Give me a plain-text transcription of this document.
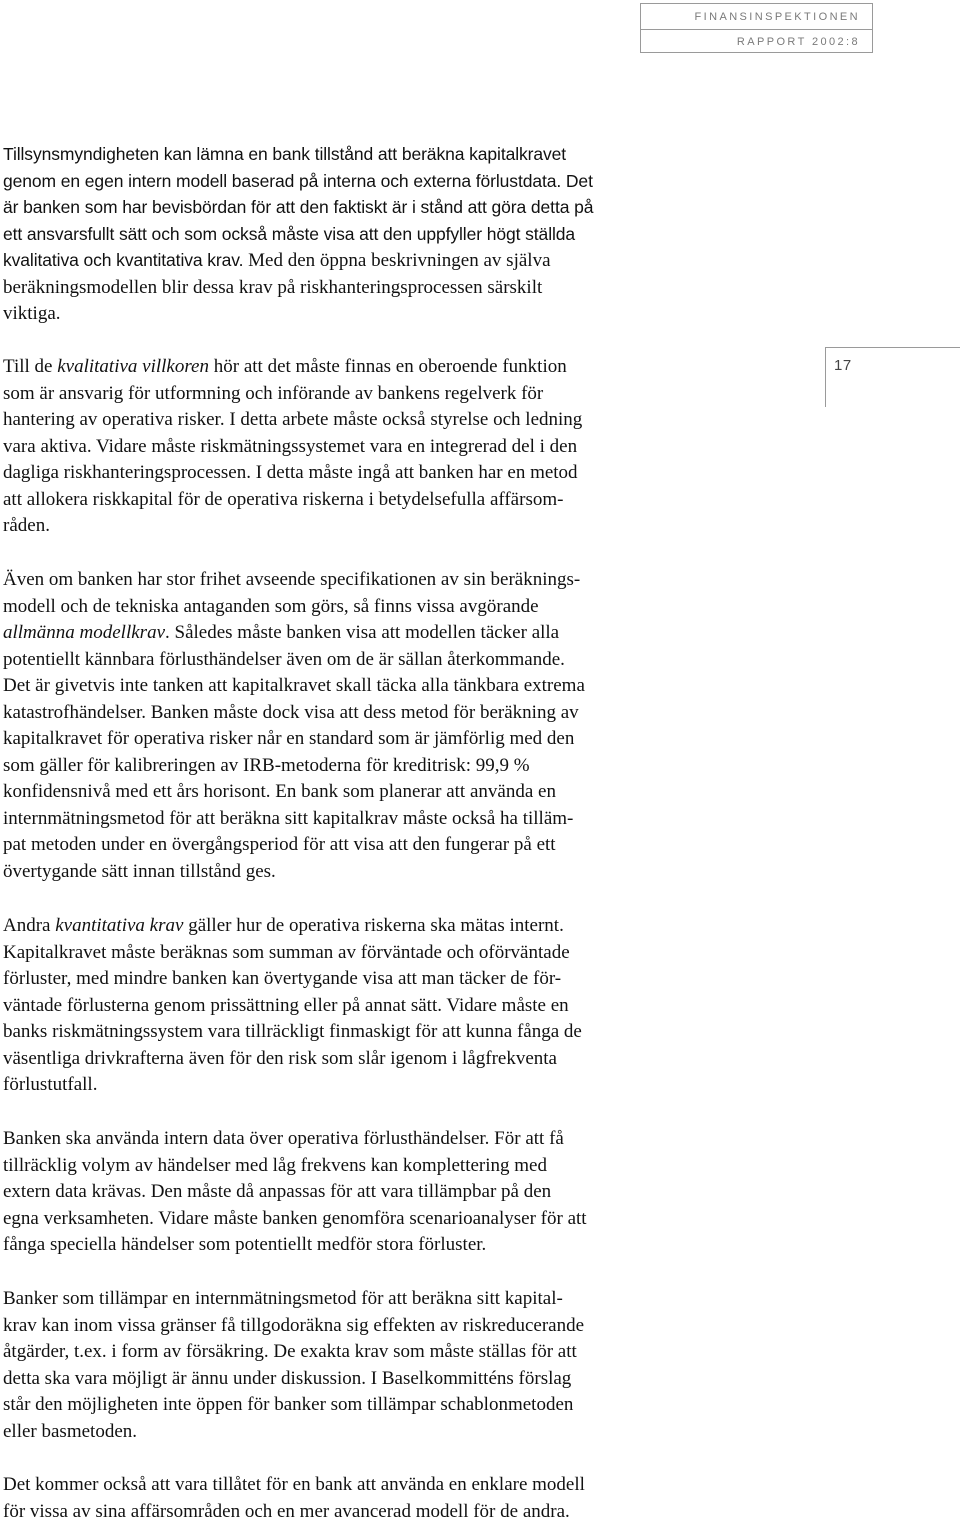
FINANSINSPEKTIONEN
RAPPORT 2002:8
17

Tillsynsmyndigheten kan lämna en bank tillstånd att beräkna kapitalkravet
genom en egen intern modell baserad på interna och externa förlustdata. Det
är banken som har bevisbördan för att den faktiskt är i stånd att göra detta på
ett ansvarsfullt sätt och som också måste visa att den uppfyller högt ställda
kvalitativa och kvantitativa krav. Med den öppna beskrivningen av själva
beräkningsmodellen blir dessa krav på riskhanteringsprocessen särskilt
viktiga.

Till de kvalitativa villkoren hör att det måste finnas en oberoende funktion
som är ansvarig för utformning och införande av bankens regelverk för
hantering av operativa risker. I detta arbete måste också styrelse och ledning
vara aktiva. Vidare måste riskmätningssystemet vara en integrerad del i den
dagliga riskhanteringsprocessen. I detta måste ingå att banken har en metod
att allokera riskkapital för de operativa riskerna i betydelsefulla affärsom-
råden.

Även om banken har stor frihet avseende specifikationen av sin beräknings-
modell och de tekniska antaganden som görs, så finns vissa avgörande
allmänna modellkrav. Således måste banken visa att modellen täcker alla
potentiellt kännbara förlusthändelser även om de är sällan återkommande.
Det är givetvis inte tanken att kapitalkravet skall täcka alla tänkbara extrema
katastrofhändelser. Banken måste dock visa att dess metod för beräkning av
kapitalkravet för operativa risker når en standard som är jämförlig med den
som gäller för kalibreringen av IRB-metoderna för kreditrisk: 99,9 %
konfidensnivå med ett års horisont. En bank som planerar att använda en
internmätningsmetod för att beräkna sitt kapitalkrav måste också ha tilläm-
pat metoden under en övergångsperiod för att visa att den fungerar på ett
övertygande sätt innan tillstånd ges.

Andra kvantitativa krav gäller hur de operativa riskerna ska mätas internt.
Kapitalkravet måste beräknas som summan av förväntade och oförväntade
förluster, med mindre banken kan övertygande visa att man täcker de för-
väntade förlusterna genom prissättning eller på annat sätt. Vidare måste en
banks riskmätningssystem vara tillräckligt finmaskigt för att kunna fånga de
väsentliga drivkrafterna även för den risk som slår igenom i lågfrekventa
förlustutfall.

Banken ska använda intern data över operativa förlusthändelser. För att få
tillräcklig volym av händelser med låg frekvens kan komplettering med
extern data krävas. Den måste då anpassas för att vara tillämpbar på den
egna verksamheten. Vidare måste banken genomföra scenarioanalyser för att
fånga speciella händelser som potentiellt medför stora förluster.

Banker som tillämpar en internmätningsmetod för att beräkna sitt kapital-
krav kan inom vissa gränser få tillgodoräkna sig effekten av riskreducerande
åtgärder, t.ex. i form av försäkring. De exakta krav som måste ställas för att
detta ska vara möjligt är ännu under diskussion. I Baselkommitténs förslag
står den möjligheten inte öppen för banker som tillämpar schablonmetoden
eller basmetoden.

Det kommer också att vara tillåtet för en bank att använda en enklare modell
för vissa av sina affärsområden och en mer avancerad modell för de andra.
